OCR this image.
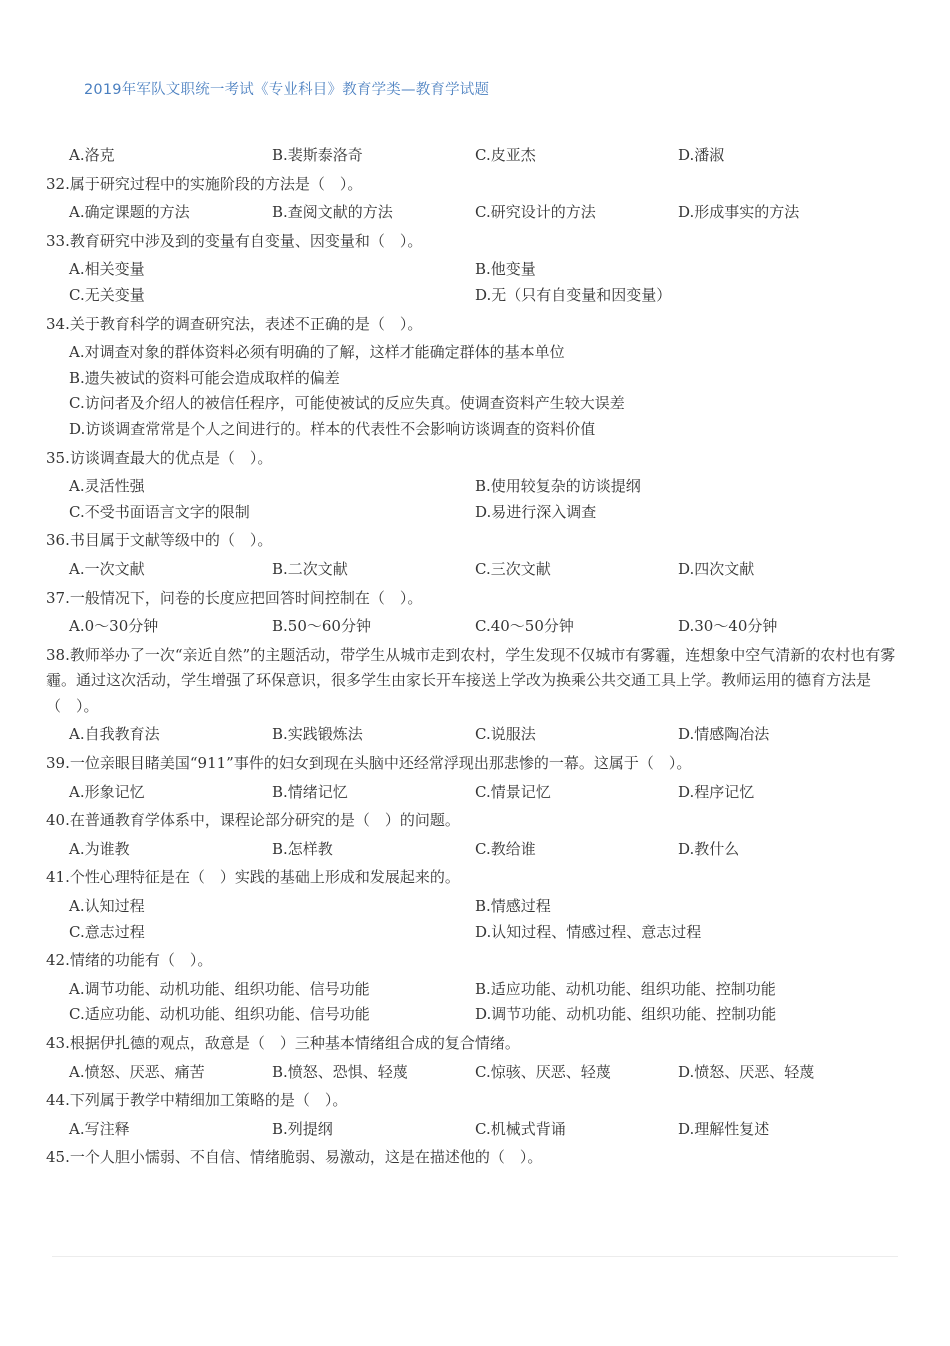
2019年军队文职统一考试《专业科目》教育学类—教育学试题
A.洛克	B.裴斯泰洛奇	C.皮亚杰	D.潘淑
32.属于研究过程中的实施阶段的方法是（　）。
A.确定课题的方法	B.查阅文献的方法	C.研究设计的方法	D.形成事实的方法
33.教育研究中涉及到的变量有自变量、因变量和（　）。
A.相关变量	B.他变量
C.无关变量	D.无（只有自变量和因变量）
34.关于教育科学的调查研究法，表述不正确的是（　）。
A.对调查对象的群体资料必须有明确的了解，这样才能确定群体的基本单位
B.遗失被试的资料可能会造成取样的偏差
C.访问者及介绍人的被信任程序，可能使被试的反应失真。使调查资料产生较大误差
D.访谈调查常常是个人之间进行的。样本的代表性不会影响访谈调查的资料价值
35.访谈调查最大的优点是（　）。
A.灵活性强	B.使用较复杂的访谈提纲
C.不受书面语言文字的限制	D.易进行深入调查
36.书目属于文献等级中的（　）。
A.一次文献	B.二次文献	C.三次文献	D.四次文献
37.一般情况下，问卷的长度应把回答时间控制在（　）。
A.0～30分钟	B.50～60分钟	C.40～50分钟	D.30～40分钟
38.教师举办了一次“亲近自然”的主题活动，带学生从城市走到农村，学生发现不仅城市有雾霾，连想象中空气清新的农村也有雾霾。通过这次活动，学生增强了环保意识，很多学生由家长开车接送上学改为换乘公共交通工具上学。教师运用的德育方法是（　）。
A.自我教育法	B.实践锻炼法	C.说服法	D.情感陶冶法
39.一位亲眼目睹美国“911”事件的妇女到现在头脑中还经常浮现出那悲惨的一幕。这属于（　）。
A.形象记忆	B.情绪记忆	C.情景记忆	D.程序记忆
40.在普通教育学体系中，课程论部分研究的是（　）的问题。
A.为谁教	B.怎样教	C.教给谁	D.教什么
41.个性心理特征是在（　）实践的基础上形成和发展起来的。
A.认知过程	B.情感过程
C.意志过程	D.认知过程、情感过程、意志过程
42.情绪的功能有（　）。
A.调节功能、动机功能、组织功能、信号功能	B.适应功能、动机功能、组织功能、控制功能
C.适应功能、动机功能、组织功能、信号功能	D.调节功能、动机功能、组织功能、控制功能
43.根据伊扎德的观点，敌意是（　）三种基本情绪组合成的复合情绪。
A.愤怒、厌恶、痛苦	B.愤怒、恐惧、轻蔑	C.惊骇、厌恶、轻蔑	D.愤怒、厌恶、轻蔑
44.下列属于教学中精细加工策略的是（　）。
A.写注释	B.列提纲	C.机械式背诵	D.理解性复述
45.一个人胆小懦弱、不自信、情绪脆弱、易激动，这是在描述他的（　）。
